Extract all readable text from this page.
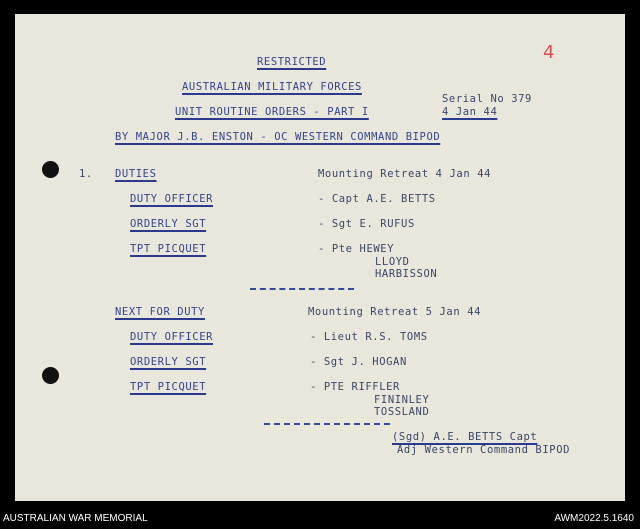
4
RESTRICTED
AUSTRALIAN MILITARY FORCES
UNIT ROUTINE ORDERS - PART I
Serial No 379
4 Jan 44
BY MAJOR J.B. ENSTON - OC WESTERN COMMAND BIPOD
1. DUTIES	Mounting Retreat 4 Jan 44
DUTY OFFICER	- Capt A.E. BETTS
ORDERLY SGT	- Sgt E. RUFUS
TPT PICQUET	- Pte HEWEY
LLOYD
HARBISSON
NEXT FOR DUTY	Mounting Retreat 5 Jan 44
DUTY OFFICER	- Lieut R.S. TOMS
ORDERLY SGT	- Sgt J. HOGAN
TPT PICQUET	- PTE RIFFLER
FININLEY
TOSSLAND
(Sgd) A.E. BETTS Capt
Adj Western Command BIPOD
AUSTRALIAN WAR MEMORIAL	AWM2022.5.1640
